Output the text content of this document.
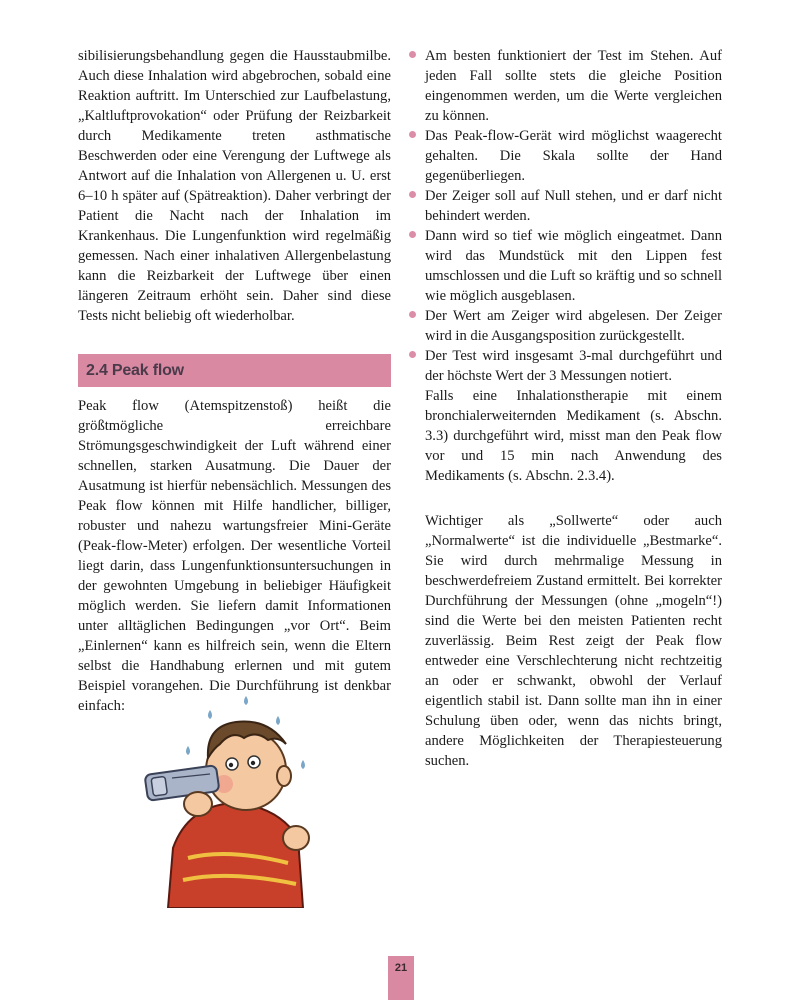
sibilisierungsbehandlung gegen die Hausstaubmilbe. Auch diese Inhalation wird abgebrochen, sobald eine Reaktion auftritt. Im Unterschied zur Laufbelastung, „Kaltluftprovokation“ oder Prüfung der Reizbarkeit durch Medikamente treten asthmatische Beschwerden oder eine Verengung der Luftwege als Antwort auf die Inhalation von Allergenen u. U. erst 6–10 h später auf (Spätreaktion). Daher verbringt der Patient die Nacht nach der Inhalation im Krankenhaus. Die Lungenfunktion wird regelmäßig gemessen. Nach einer inhalativen Allergenbelastung kann die Reizbarkeit der Luftwege über einen längeren Zeitraum erhöht sein. Daher sind diese Tests nicht beliebig oft wiederholbar.

2.4 Peak flow

Peak flow (Atemspitzenstoß) heißt die größtmögliche erreichbare Strömungsgeschwindigkeit der Luft während einer schnellen, starken Ausatmung. Die Dauer der Ausatmung ist hierfür nebensächlich. Messungen des Peak flow können mit Hilfe handlicher, billiger, robuster und nahezu wartungsfreier Mini-Geräte (Peak-flow-Meter) erfolgen. Der wesentliche Vorteil liegt darin, dass Lungenfunktionsuntersuchungen in der gewohnten Umgebung in beliebiger Häufigkeit möglich werden. Sie liefern damit Informationen unter alltäglichen Bedingungen „vor Ort“. Beim „Einlernen“ kann es hilfreich sein, wenn die Eltern selbst die Handhabung erlernen und mit gutem Beispiel vorangehen. Die Durchführung ist denkbar einfach:

Am besten funktioniert der Test im Stehen. Auf jeden Fall sollte stets die gleiche Position eingenommen werden, um die Werte vergleichen zu können.
Das Peak-flow-Gerät wird möglichst waagerecht gehalten. Die Skala sollte der Hand gegenüberliegen.
Der Zeiger soll auf Null stehen, und er darf nicht behindert werden.
Dann wird so tief wie möglich eingeatmet. Dann wird das Mundstück mit den Lippen fest umschlossen und die Luft so kräftig und so schnell wie möglich ausgeblasen.
Der Wert am Zeiger wird abgelesen. Der Zeiger wird in die Ausgangsposition zurückgestellt.
Der Test wird insgesamt 3-mal durchgeführt und der höchste Wert der 3 Messungen notiert.
Falls eine Inhalationstherapie mit einem bronchialerweiternden Medikament (s. Abschn. 3.3) durchgeführt wird, misst man den Peak flow vor und 15 min nach Anwendung des Medikaments (s. Abschn. 2.3.4).

Wichtiger als „Sollwerte“ oder auch „Normalwerte“ ist die individuelle „Bestmarke“. Sie wird durch mehrmalige Messung in beschwerdefreiem Zustand ermittelt. Bei korrekter Durchführung der Messungen (ohne „mogeln“!) sind die Werte bei den meisten Patienten recht zuverlässig. Beim Rest zeigt der Peak flow entweder eine Verschlechterung nicht rechtzeitig an oder er schwankt, obwohl der Verlauf eigentlich stabil ist. Dann sollte man ihn in einer Schulung üben oder, wenn das nichts bringt, andere Möglichkeiten der Therapiesteuerung suchen.

21
